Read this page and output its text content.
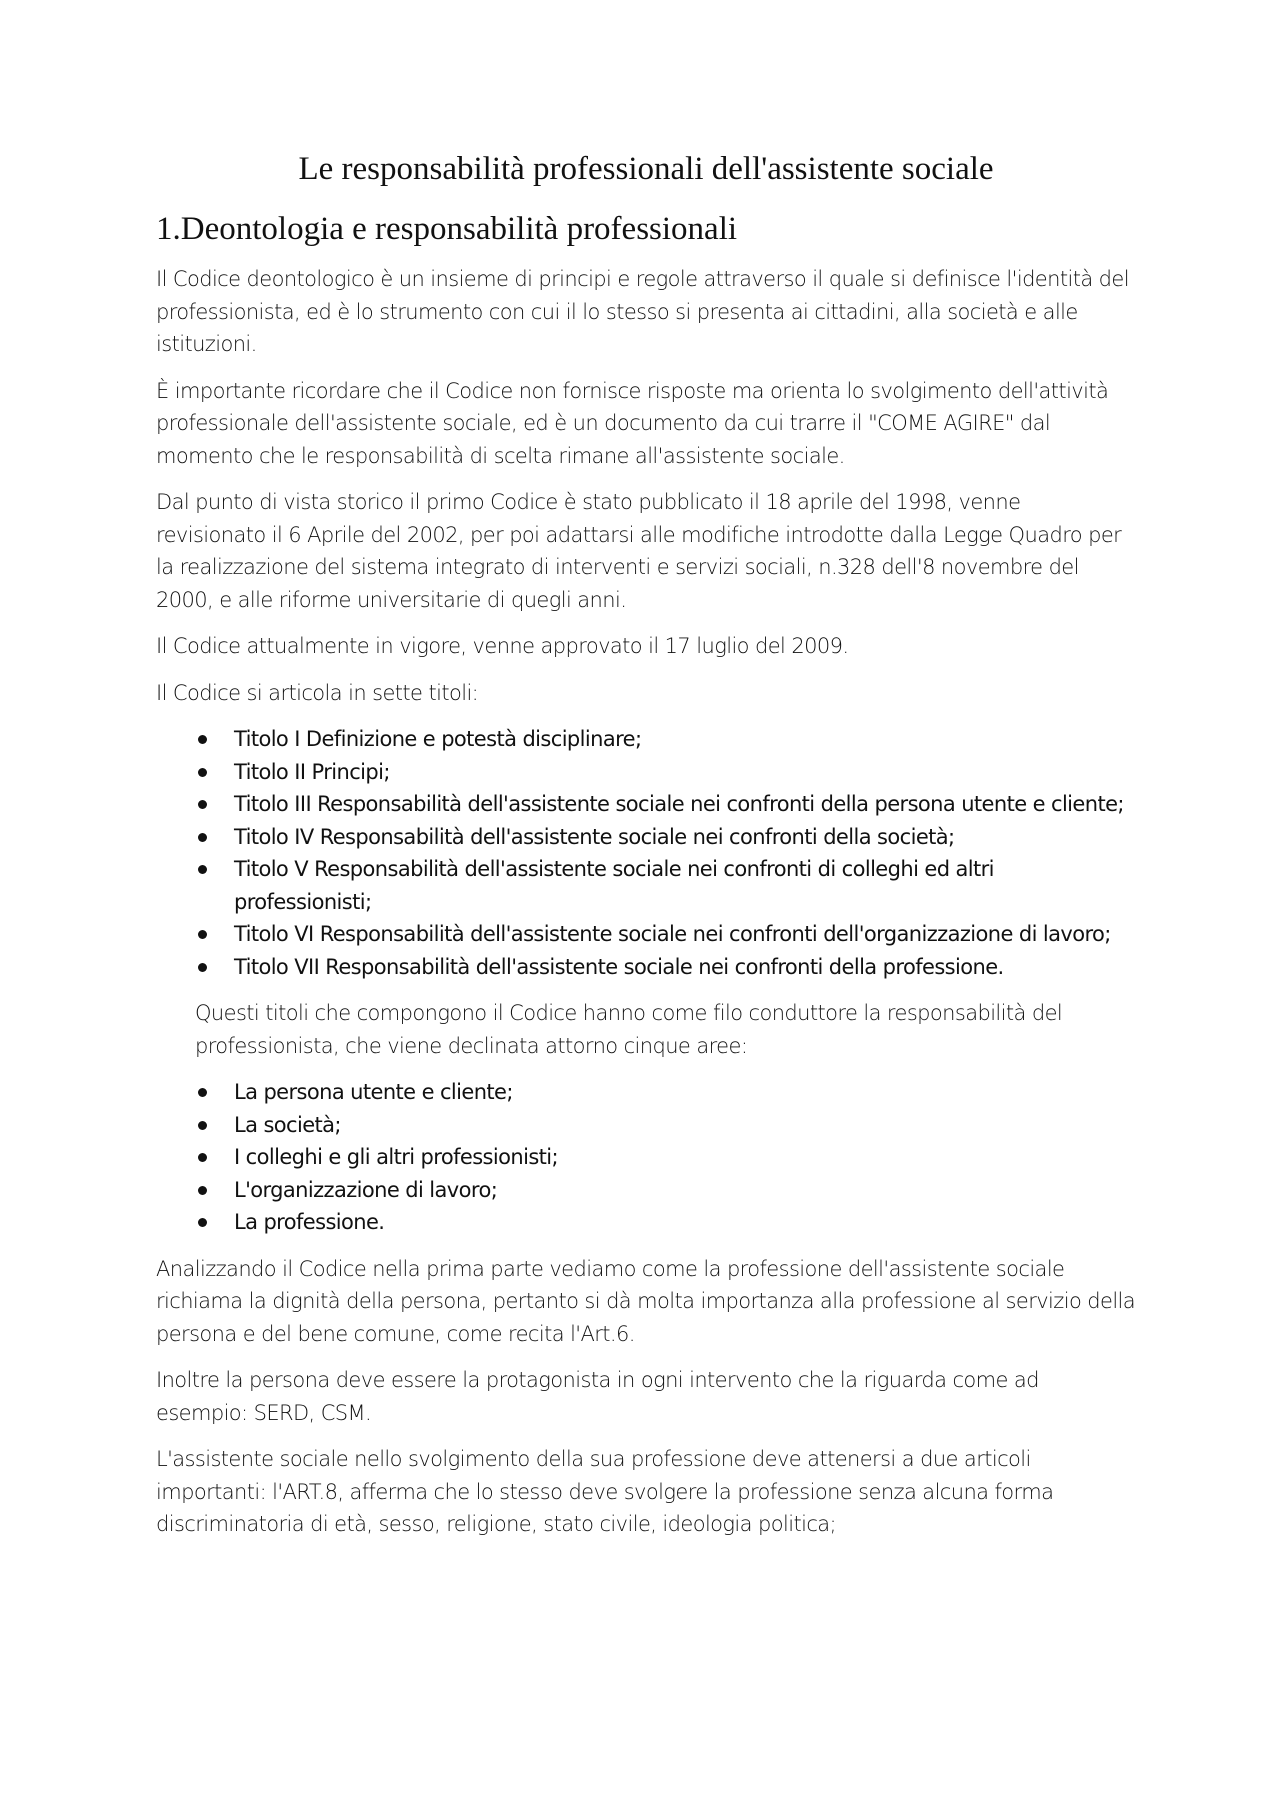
Le responsabilità professionali dell'assistente sociale
1.Deontologia e responsabilità professionali

Il Codice deontologico è un insieme di principi e regole attraverso il quale si definisce l'identità del professionista, ed è lo strumento con cui il lo stesso si presenta ai cittadini, alla società e alle istituzioni.

È importante ricordare che il Codice non fornisce risposte ma orienta lo svolgimento dell'attività professionale dell'assistente sociale, ed è un documento da cui trarre il "COME AGIRE" dal momento che le responsabilità di scelta rimane all'assistente sociale.

Dal punto di vista storico il primo Codice è stato pubblicato il 18 aprile del 1998, venne revisionato il 6 Aprile del 2002, per poi adattarsi alle modifiche introdotte dalla Legge Quadro per la realizzazione del sistema integrato di interventi e servizi sociali, n.328 dell'8 novembre del 2000, e alle riforme universitarie di quegli anni.

Il Codice attualmente in vigore, venne approvato il 17 luglio del 2009.

Il Codice si articola in sette titoli:

Titolo I Definizione e potestà disciplinare;
Titolo II Principi;
Titolo III Responsabilità dell'assistente sociale nei confronti della persona utente e cliente;
Titolo IV Responsabilità dell'assistente sociale nei confronti della società;
Titolo V Responsabilità dell'assistente sociale nei confronti di colleghi ed altri professionisti;
Titolo VI Responsabilità dell'assistente sociale nei confronti dell'organizzazione di lavoro;
Titolo VII Responsabilità dell'assistente sociale nei confronti della professione.

Questi titoli che compongono il Codice hanno come filo conduttore la responsabilità del professionista, che viene declinata attorno cinque aree:

La persona utente e cliente;
La società;
I colleghi e gli altri professionisti;
L'organizzazione di lavoro;
La professione.

Analizzando il Codice nella prima parte vediamo come la professione dell'assistente sociale richiama la dignità della persona, pertanto si dà molta importanza alla professione al servizio della persona e del bene comune, come recita l'Art.6.

Inoltre la persona deve essere la protagonista in ogni intervento che la riguarda come ad esempio: SERD, CSM.

L'assistente sociale nello svolgimento della sua professione deve attenersi a due articoli importanti: l'ART.8, afferma che lo stesso deve svolgere la professione senza alcuna forma discriminatoria di età, sesso, religione, stato civile, ideologia politica;
